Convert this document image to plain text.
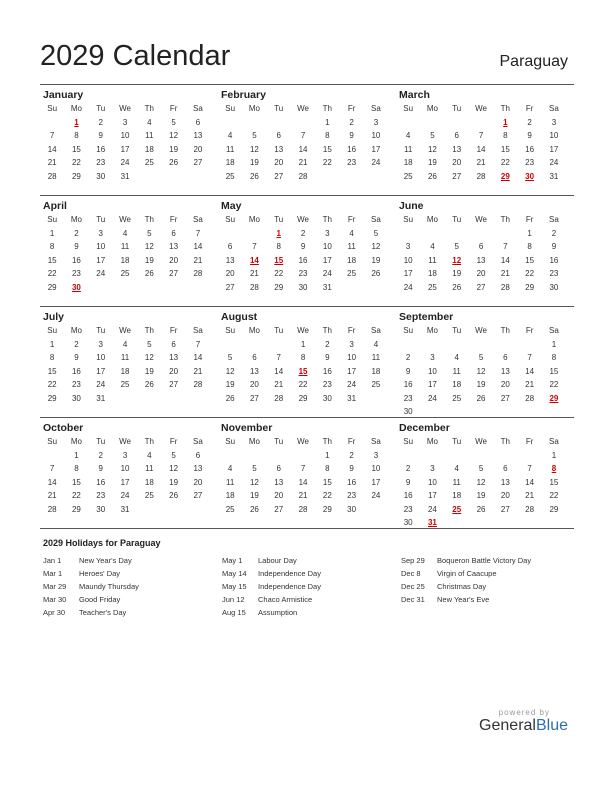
2029 Calendar	Paraguay
January
Su	Mo	Tu	We	Th	Fr	Sa
	1	2	3	4	5	6
7	8	9	10	11	12	13
14	15	16	17	18	19	20
21	22	23	24	25	26	27
28	29	30	31			

February
Su	Mo	Tu	We	Th	Fr	Sa
				1	2	3
4	5	6	7	8	9	10
11	12	13	14	15	16	17
18	19	20	21	22	23	24
25	26	27	28			

March
Su	Mo	Tu	We	Th	Fr	Sa
				1	2	3
4	5	6	7	8	9	10
11	12	13	14	15	16	17
18	19	20	21	22	23	24
25	26	27	28	29	30	31

April
Su	Mo	Tu	We	Th	Fr	Sa
1	2	3	4	5	6	7
8	9	10	11	12	13	14
15	16	17	18	19	20	21
22	23	24	25	26	27	28
29	30					

May
Su	Mo	Tu	We	Th	Fr	Sa
		1	2	3	4	5
6	7	8	9	10	11	12
13	14	15	16	17	18	19
20	21	22	23	24	25	26
27	28	29	30	31		

June
Su	Mo	Tu	We	Th	Fr	Sa
					1	2
3	4	5	6	7	8	9
10	11	12	13	14	15	16
17	18	19	20	21	22	23
24	25	26	27	28	29	30

July
Su	Mo	Tu	We	Th	Fr	Sa
1	2	3	4	5	6	7
8	9	10	11	12	13	14
15	16	17	18	19	20	21
22	23	24	25	26	27	28
29	30	31				

August
Su	Mo	Tu	We	Th	Fr	Sa
			1	2	3	4
5	6	7	8	9	10	11
12	13	14	15	16	17	18
19	20	21	22	23	24	25
26	27	28	29	30	31	

September
Su	Mo	Tu	We	Th	Fr	Sa
						1
2	3	4	5	6	7	8
9	10	11	12	13	14	15
16	17	18	19	20	21	22
23	24	25	26	27	28	29
30						
October
Su	Mo	Tu	We	Th	Fr	Sa
	1	2	3	4	5	6
7	8	9	10	11	12	13
14	15	16	17	18	19	20
21	22	23	24	25	26	27
28	29	30	31			

November
Su	Mo	Tu	We	Th	Fr	Sa
				1	2	3
4	5	6	7	8	9	10
11	12	13	14	15	16	17
18	19	20	21	22	23	24
25	26	27	28	29	30	

December
Su	Mo	Tu	We	Th	Fr	Sa
						1
2	3	4	5	6	7	8
9	10	11	12	13	14	15
16	17	18	19	20	21	22
23	24	25	26	27	28	29
30	31					
2029 Holidays for Paraguay
Jan 1	New Year's Day
Mar 1	Heroes' Day
Mar 29	Maundy Thursday
Mar 30	Good Friday
Apr 30	Teacher's Day
May 1	Labour Day
May 14	Independence Day
May 15	Independence Day
Jun 12	Chaco Armistice
Aug 15	Assumption
Sep 29	Boqueron Battle Victory Day
Dec 8	Virgin of Caacupe
Dec 25	Christmas Day
Dec 31	New Year's Eve
powered by
GeneralBlue
